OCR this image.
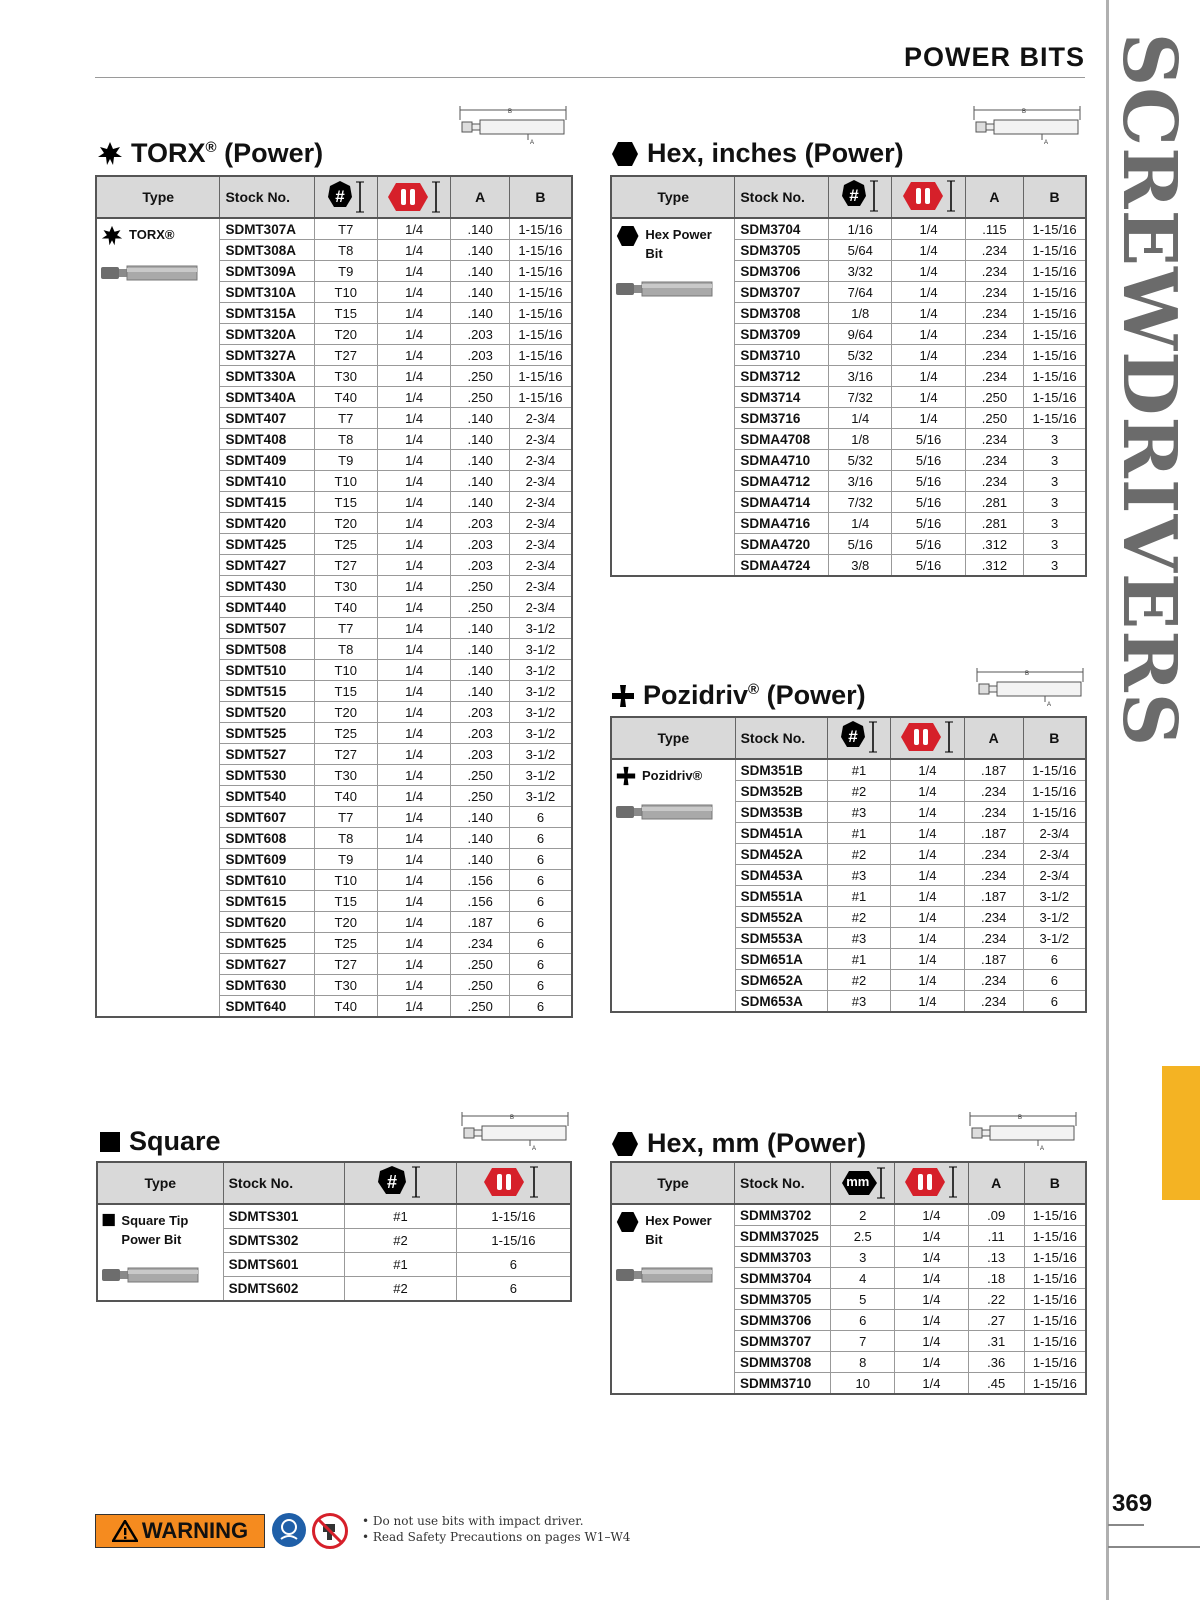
POWER BITS SCREWDRIVERS
369
TORX® (Power)
Type	Stock No.	#		A	B

TORX®	SDMT307A	T7	1/4	.140	1-15/16
	SDMT308A	T8	1/4	.140	1-15/16
	SDMT309A	T9	1/4	.140	1-15/16
	SDMT310A	T10	1/4	.140	1-15/16
	SDMT315A	T15	1/4	.140	1-15/16
	SDMT320A	T20	1/4	.203	1-15/16
	SDMT327A	T27	1/4	.203	1-15/16
	SDMT330A	T30	1/4	.250	1-15/16
	SDMT340A	T40	1/4	.250	1-15/16
	SDMT407	T7	1/4	.140	2-3/4
	SDMT408	T8	1/4	.140	2-3/4
	SDMT409	T9	1/4	.140	2-3/4
	SDMT410	T10	1/4	.140	2-3/4
	SDMT415	T15	1/4	.140	2-3/4
	SDMT420	T20	1/4	.203	2-3/4
	SDMT425	T25	1/4	.203	2-3/4
	SDMT427	T27	1/4	.203	2-3/4
	SDMT430	T30	1/4	.250	2-3/4
	SDMT440	T40	1/4	.250	2-3/4
	SDMT507	T7	1/4	.140	3-1/2
	SDMT508	T8	1/4	.140	3-1/2
	SDMT510	T10	1/4	.140	3-1/2
	SDMT515	T15	1/4	.140	3-1/2
	SDMT520	T20	1/4	.203	3-1/2
	SDMT525	T25	1/4	.203	3-1/2
	SDMT527	T27	1/4	.203	3-1/2
	SDMT530	T30	1/4	.250	3-1/2
	SDMT540	T40	1/4	.250	3-1/2
	SDMT607	T7	1/4	.140	6
	SDMT608	T8	1/4	.140	6
	SDMT609	T9	1/4	.140	6
	SDMT610	T10	1/4	.156	6
	SDMT615	T15	1/4	.156	6
	SDMT620	T20	1/4	.187	6
	SDMT625	T25	1/4	.234	6
	SDMT627	T27	1/4	.250	6
	SDMT630	T30	1/4	.250	6
	SDMT640	T40	1/4	.250	6
Hex, inches (Power)
Type	Stock No.	#		A	B

Hex Power Bit	SDM3704	1/16	1/4	.115	1-15/16
	SDM3705	5/64	1/4	.234	1-15/16
	SDM3706	3/32	1/4	.234	1-15/16
	SDM3707	7/64	1/4	.234	1-15/16
	SDM3708	1/8	1/4	.234	1-15/16
	SDM3709	9/64	1/4	.234	1-15/16
	SDM3710	5/32	1/4	.234	1-15/16
	SDM3712	3/16	1/4	.234	1-15/16
	SDM3714	7/32	1/4	.250	1-15/16
	SDM3716	1/4	1/4	.250	1-15/16
	SDMA4708	1/8	5/16	.234	3
	SDMA4710	5/32	5/16	.234	3
	SDMA4712	3/16	5/16	.234	3
	SDMA4714	7/32	5/16	.281	3
	SDMA4716	1/4	5/16	.281	3
	SDMA4720	5/16	5/16	.312	3
	SDMA4724	3/8	5/16	.312	3
Pozidriv® (Power)
Type	Stock No.	#		A	B

Pozidriv®	SDM351B	#1	1/4	.187	1-15/16
	SDM352B	#2	1/4	.234	1-15/16
	SDM353B	#3	1/4	.234	1-15/16
	SDM451A	#1	1/4	.187	2-3/4
	SDM452A	#2	1/4	.234	2-3/4
	SDM453A	#3	1/4	.234	2-3/4
	SDM551A	#1	1/4	.187	3-1/2
	SDM552A	#2	1/4	.234	3-1/2
	SDM553A	#3	1/4	.234	3-1/2
	SDM651A	#1	1/4	.187	6
	SDM652A	#2	1/4	.234	6
	SDM653A	#3	1/4	.234	6
Square
Type	Stock No.	#

Square Tip Power Bit	SDMTS301	#1	1-15/16
	SDMTS302	#2	1-15/16
	SDMTS601	#1	6
	SDMTS602	#2	6
Hex, mm (Power)
Type	Stock No.	mm		A	B

Hex Power Bit	SDMM3702	2	1/4	.09	1-15/16
	SDMM37025	2.5	1/4	.11	1-15/16
	SDMM3703	3	1/4	.13	1-15/16
	SDMM3704	4	1/4	.18	1-15/16
	SDMM3705	5	1/4	.22	1-15/16
	SDMM3706	6	1/4	.27	1-15/16
	SDMM3707	7	1/4	.31	1-15/16
	SDMM3708	8	1/4	.36	1-15/16
	SDMM3710	10	1/4	.45	1-15/16
WARNING	• Do not use bits with impact driver.
• Read Safety Precautions on pages W1–W4
